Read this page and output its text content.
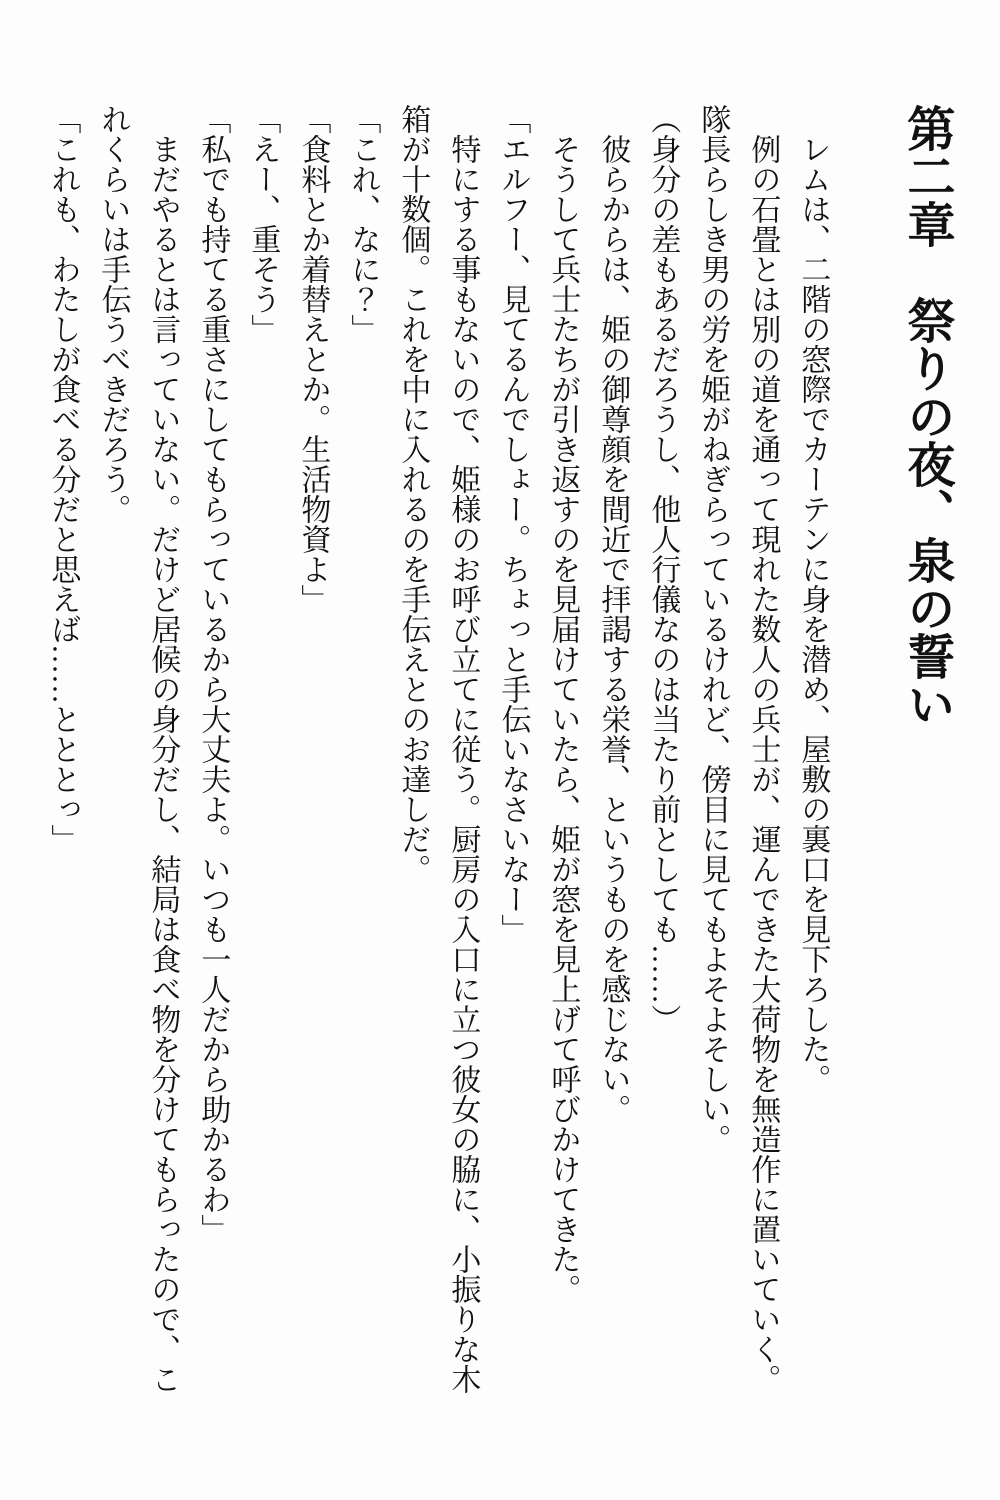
第二章　祭りの夜、泉の誓い

レムは、二階の窓際でカーテンに身を潜め、屋敷の裏口を見下ろした。

例の石畳とは別の道を通って現れた数人の兵士が、運んできた大荷物を無造作に置いていく。隊長らしき男の労を姫がねぎらっているけれど、傍目に見てもよそよそしい。

（身分の差もあるだろうし、他人行儀なのは当たり前としても……）

彼らからは、姫の御尊顔を間近で拝謁する栄誉、というものを感じない。

そうして兵士たちが引き返すのを見届けていたら、姫が窓を見上げて呼びかけてきた。

「エルフー、見てるんでしょー。ちょっと手伝いなさいなー」

特にする事もないので、姫様のお呼び立てに従う。厨房の入口に立つ彼女の脇に、小振りな木箱が十数個。これを中に入れるのを手伝えとのお達しだ。

「これ、なに？」

「食料とか着替えとか。生活物資よ」

「えー、重そう」

「私でも持てる重さにしてもらっているから大丈夫よ。いつも一人だから助かるわ」

まだやるとは言っていない。だけど居候の身分だし、結局は食べ物を分けてもらったので、これくらいは手伝うべきだろう。

「これも、わたしが食べる分だと思えば……とととっ」
